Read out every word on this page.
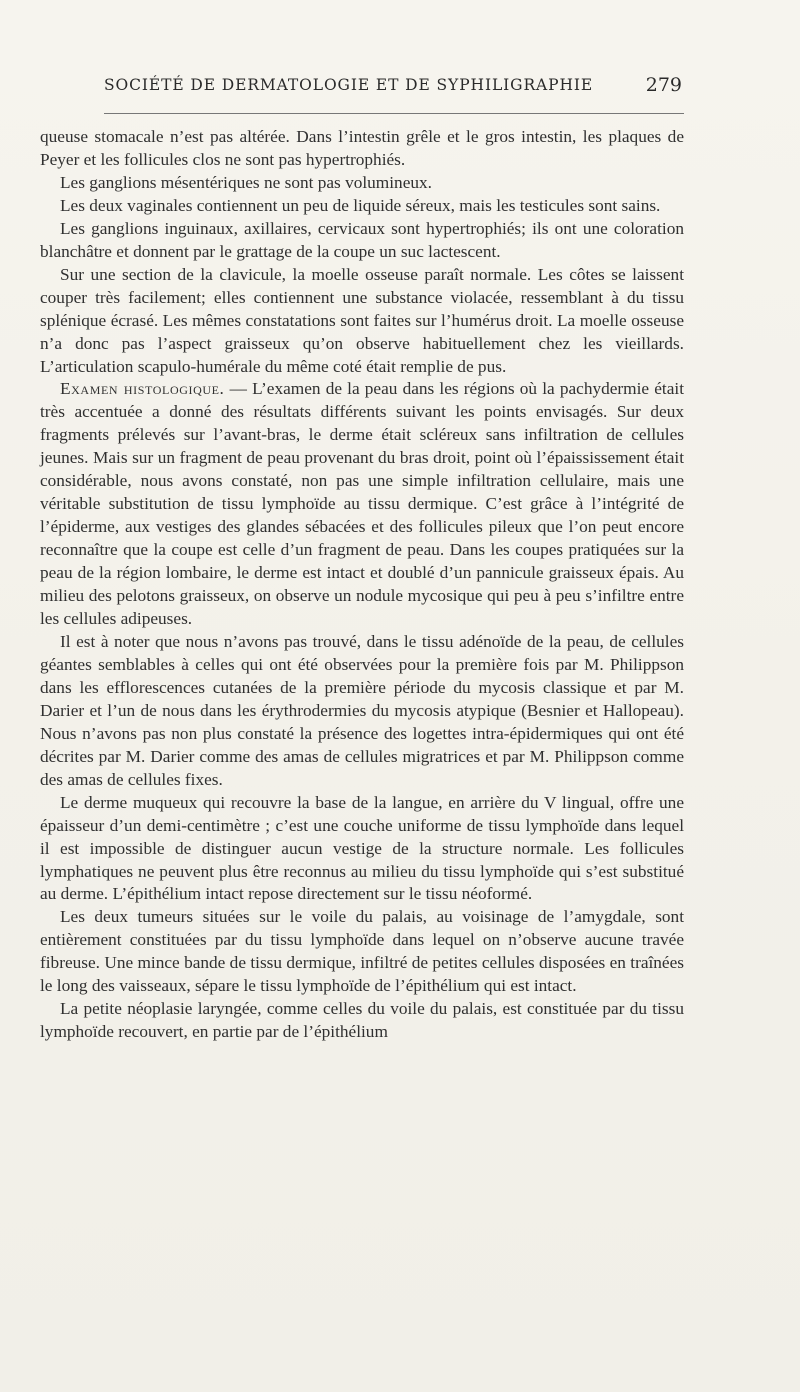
SOCIÉTÉ DE DERMATOLOGIE ET DE SYPHILIGRAPHIE	279

queuse stomacale n’est pas altérée. Dans l’intestin grêle et le gros intestin, les plaques de Peyer et les follicules clos ne sont pas hypertrophiés.

Les ganglions mésentériques ne sont pas volumineux.

Les deux vaginales contiennent un peu de liquide séreux, mais les testicules sont sains.

Les ganglions inguinaux, axillaires, cervicaux sont hypertrophiés; ils ont une coloration blanchâtre et donnent par le grattage de la coupe un suc lactescent.

Sur une section de la clavicule, la moelle osseuse paraît normale. Les côtes se laissent couper très facilement; elles contiennent une substance violacée, ressemblant à du tissu splénique écrasé. Les mêmes constatations sont faites sur l’humérus droit. La moelle osseuse n’a donc pas l’aspect graisseux qu’on observe habituellement chez les vieillards. L’articulation scapulo-humérale du même coté était remplie de pus.

Examen histologique. — L’examen de la peau dans les régions où la pachydermie était très accentuée a donné des résultats différents suivant les points envisagés. Sur deux fragments prélevés sur l’avant-bras, le derme était scléreux sans infiltration de cellules jeunes. Mais sur un fragment de peau provenant du bras droit, point où l’épaississement était considérable, nous avons constaté, non pas une simple infiltration cellulaire, mais une véritable substitution de tissu lymphoïde au tissu dermique. C’est grâce à l’intégrité de l’épiderme, aux vestiges des glandes sébacées et des follicules pileux que l’on peut encore reconnaître que la coupe est celle d’un fragment de peau. Dans les coupes pratiquées sur la peau de la région lombaire, le derme est intact et doublé d’un pannicule graisseux épais. Au milieu des pelotons graisseux, on observe un nodule mycosique qui peu à peu s’infiltre entre les cellules adipeuses.

Il est à noter que nous n’avons pas trouvé, dans le tissu adénoïde de la peau, de cellules géantes semblables à celles qui ont été observées pour la première fois par M. Philippson dans les efflorescences cutanées de la première période du mycosis classique et par M. Darier et l’un de nous dans les érythrodermies du mycosis atypique (Besnier et Hallopeau). Nous n’avons pas non plus constaté la présence des logettes intra-épidermiques qui ont été décrites par M. Darier comme des amas de cellules migratrices et par M. Philippson comme des amas de cellules fixes.

Le derme muqueux qui recouvre la base de la langue, en arrière du V lingual, offre une épaisseur d’un demi-centimètre ; c’est une couche uniforme de tissu lymphoïde dans lequel il est impossible de distinguer aucun vestige de la structure normale. Les follicules lymphatiques ne peuvent plus être reconnus au milieu du tissu lymphoïde qui s’est substitué au derme. L’épithélium intact repose directement sur le tissu néoformé.

Les deux tumeurs situées sur le voile du palais, au voisinage de l’amygdale, sont entièrement constituées par du tissu lymphoïde dans lequel on n’observe aucune travée fibreuse. Une mince bande de tissu dermique, infiltré de petites cellules disposées en traînées le long des vaisseaux, sépare le tissu lymphoïde de l’épithélium qui est intact.

La petite néoplasie laryngée, comme celles du voile du palais, est constituée par du tissu lymphoïde recouvert, en partie par de l’épithélium
